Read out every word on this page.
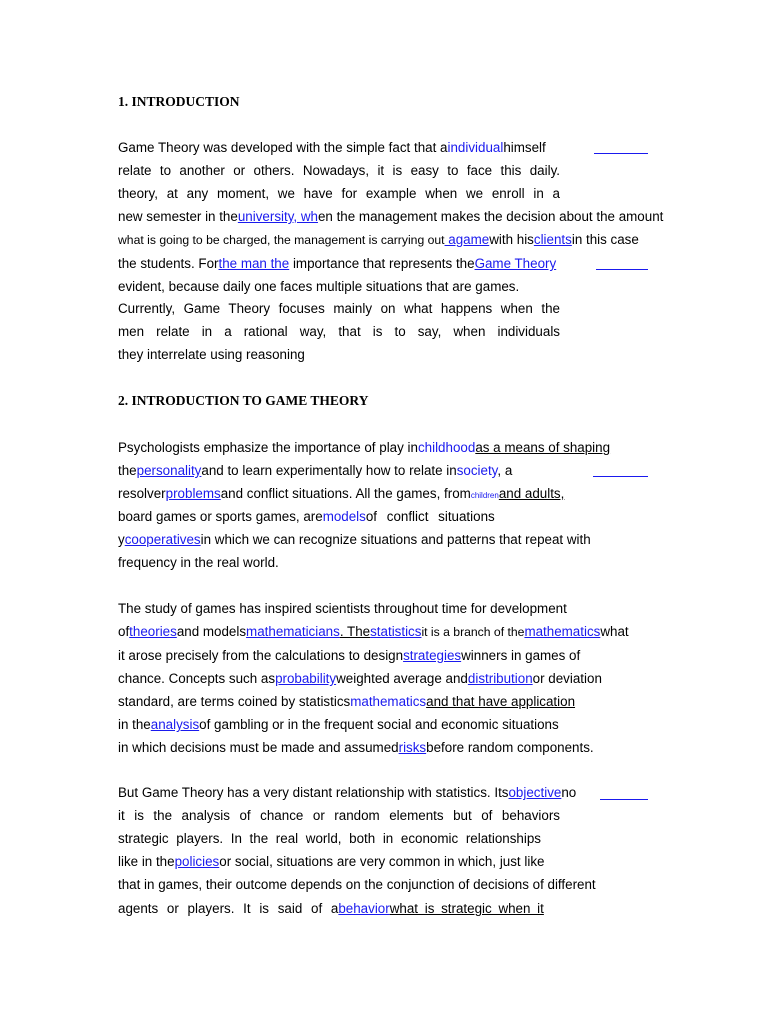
1. INTRODUCTION
Game Theory was developed with the simple fact that aindividualhimself
relate to another or others. Nowadays, it is easy to face this daily.
theory, at any moment, we have for example when we enroll in a
new semester in theuniversity, when the management makes the decision about the amount
what is going to be charged, the management is carrying out agamewith hisclientsin this case
the students. Forthe man the importance that represents theGame Theory
evident, because daily one faces multiple situations that are games.
Currently, Game Theory focuses mainly on what happens when the
men relate in a rational way, that is to say, when individuals
they interrelate using reasoning
2. INTRODUCTION TO GAME THEORY
Psychologists emphasize the importance of play inchildhoodas a means of shaping
thepersonalityand to learn experimentally how to relate insociety, a
resolverproblemsand conflict situations. All the games, fromchildrenand adults,
board games or sports games, aremodelsof conflict situations
ycooperativesin which we can recognize situations and patterns that repeat with
frequency in the real world.
The study of games has inspired scientists throughout time for development
oftheoriesand modelsmathematicians. Thestatisticsit is a branch of themathematicswhat
it arose precisely from the calculations to designstrategieswinners in games of
chance. Concepts such asprobabilityweighted average anddistributionor deviation
standard, are terms coined by statisticsmathematicsand that have application
in theanalysisof gambling or in the frequent social and economic situations
in which decisions must be made and assumedrisksbefore random components.
But Game Theory has a very distant relationship with statistics. Itsobjectiveno
it is the analysis of chance or random elements but of behaviors
strategic players. In the real world, both in economic relationships
like in thepoliciesor social, situations are very common in which, just like
that in games, their outcome depends on the conjunction of decisions of different
agents or players. It is said of abehaviorwhat is strategic when it
